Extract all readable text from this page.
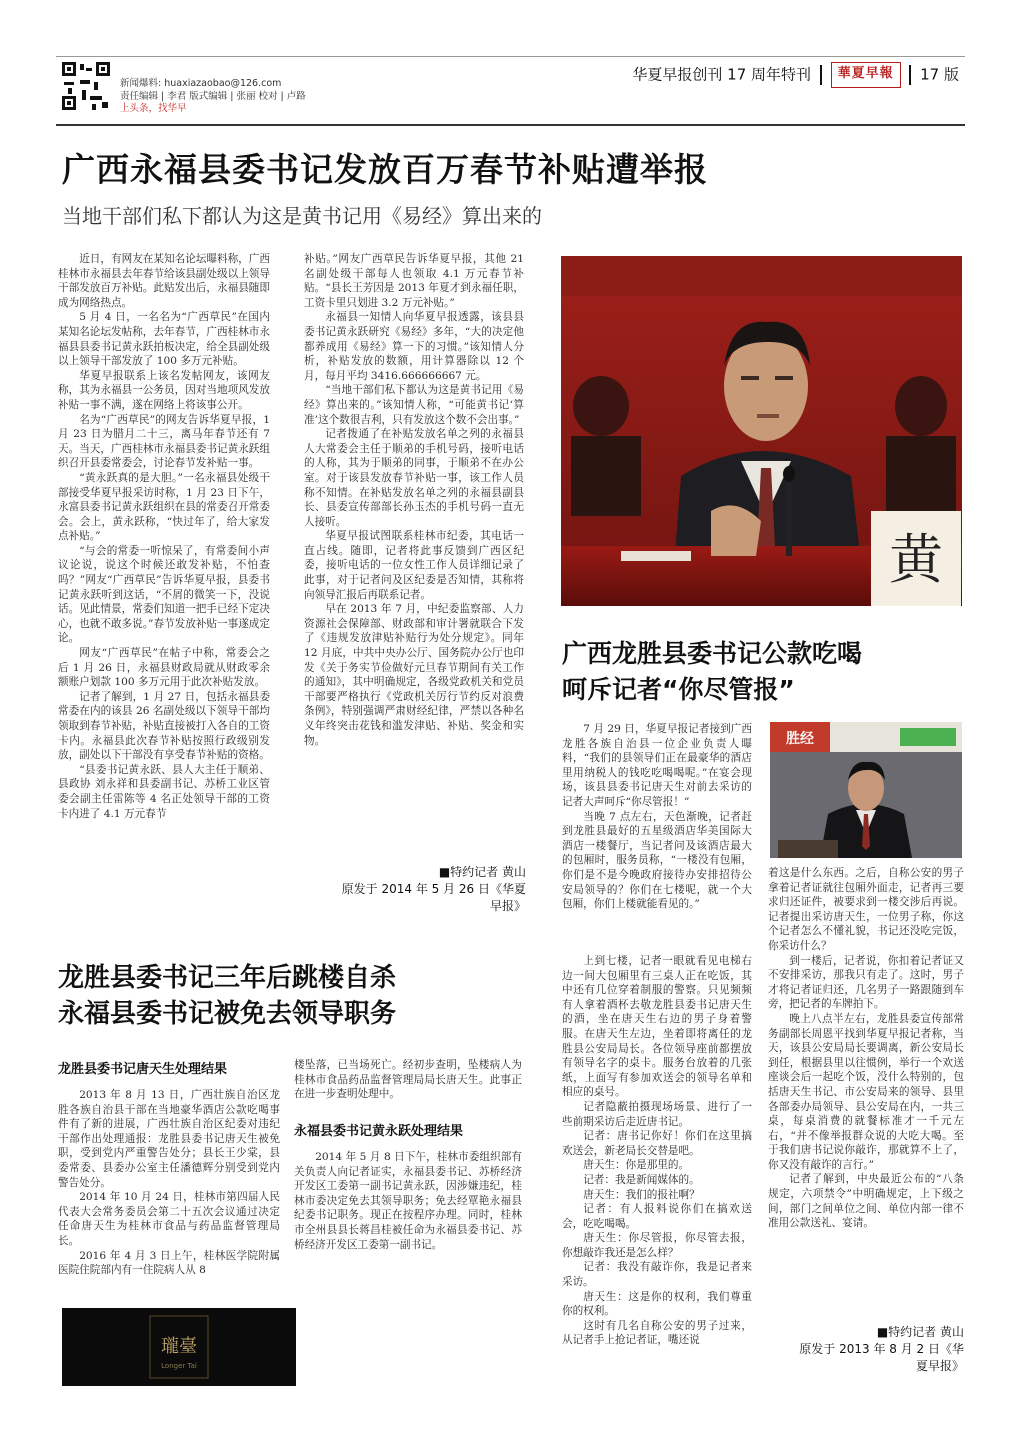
新闻爆料: huaxiazaobao@126.com
责任编辑 | 李君 版式编辑 | 张丽 校对 | 卢路
上头条，找华早
华夏早报创刊 17 周年特刊 華夏早報 17 版
广西永福县委书记发放百万春节补贴遭举报
当地干部们私下都认为这是黄书记用《易经》算出来的

近日，有网友在某知名论坛曝料称，广西桂林市永福县去年春节给该县副处级以上领导干部发放百万补贴。此贴发出后，永福县随即成为网络热点。

5 月 4 日，一名名为“广西草民”在国内某知名论坛发帖称，去年春节，广西桂林市永福县县委书记黄永跃拍板决定，给全县副处级以上领导干部发放了 100 多万元补贴。

华夏早报联系上该名发帖网友，该网友称，其为永福县一公务员，因对当地项风发放补贴一事不满，遂在网络上将该事公开。

名为“广西草民”的网友告诉华夏早报，1 月 23 日为腊月二十三，离马年春节还有 7 天。当天，广西桂林市永福县委书记黄永跃组织召开县委常委会，讨论春节发补贴一事。

“黄永跃真的是大胆。”一名永福县处级干部接受华夏早报采访时称，1 月 23 日下午，永富县委书记黄永跃组织在县的常委召开常委会。会上，黄永跃称，“快过年了，给大家发点补贴。”

“与会的常委一听惊呆了，有常委间小声议论说，说这个时候还敢发补贴，不怕查吗？”网友“广西草民”告诉华夏早报，县委书记黄永跃听到这话，“不屑的微笑一下，没说话。见此情景，常委们知道一把手已经下定决心，也就不敢多说。”春节发放补贴一事遂成定论。

网友“广西草民”在帖子中称，常委会之后 1 月 26 日，永福县财政局就从财政零余额账户划款 100 多万元用于此次补贴发放。

记者了解到，1 月 27 日，包括永福县委常委在内的该县 26 名副处级以下领导干部均领取到春节补贴，补贴直接被打入各自的工资卡内。永福县此次春节补贴按照行政级别发放，副处以下干部没有享受春节补贴的资格。

“县委书记黄永跃、县人大主任于顺弟、县政协 刘永祥和县委副书记、苏桥工业区管委会副主任雷陈等 4 名正处领导干部的工资卡内进了 4.1 万元春节

补贴。”网友广西草民告诉华夏早报，其他 21 名副处级干部每人也领取 4.1 万元春节补贴。“县长王芳因是 2013 年夏才到永福任职，工资卡里只划进 3.2 万元补贴。”

永福县一知情人向华夏早报透露，该县县委书记黄永跃研究《易经》多年，“大的决定他都养成用《易经》算一下的习惯。”该知情人分析，补贴发放的数额，用计算器除以 12 个月，每月平均 3416.666666667 元。

“当地干部们私下都认为这是黄书记用《易经》算出来的。”该知情人称，“可能黄书记‘算准’这个数很吉利，只有发放这个数不会出事。”

记者拨通了在补贴发放名单之列的永福县人大常委会主任于顺弟的手机号码，接听电话的人称，其为于顺弟的同事，于顺弟不在办公室。对于该县发放春节补贴一事，该工作人员称不知情。在补贴发放名单之列的永福县副县长、县委宣传部部长孙玉杰的手机号码一直无人接听。

华夏早报试图联系桂林市纪委，其电话一直占线。随即，记者将此事反馈到广西区纪委，接听电话的一位女性工作人员详细记录了此事，对于记者问及区纪委是否知情，其称将向领导汇报后再联系记者。

早在 2013 年 7 月，中纪委监察部、人力资源社会保障部、财政部和审计署就联合下发了《违规发放津贴补贴行为处分规定》。同年 12 月底，中共中央办公厅、国务院办公厅也印发《关于务实节俭做好元旦春节期间有关工作的通知》，其中明确规定，各级党政机关和党员干部要严格执行《党政机关厉行节约反对浪费条例》，特别强调严肃财经纪律，严禁以各种名义年终突击花钱和滥发津贴、补贴、奖金和实物。

■特约记者 黄山
原发于 2014 年 5 月 26 日《华夏
早报》
黄
广西龙胜县委书记公款吃喝
呵斥记者“你尽管报”

7 月 29 日，华夏早报记者接到广西龙胜各族自治县一位企业负责人曝料，“我们的县领导们正在最豪华的酒店里用纳税人的钱吃吃喝喝呢。”在宴会现场，该县县委书记唐天生对前去采访的记者大声呵斥“你尽管报！”

当晚 7 点左右，天色渐晚，记者赶到龙胜县最好的五星级酒店华美国际大酒店一楼餐厅，当记者问及该酒店最大的包厢时，服务员称，“一楼没有包厢，你们是不是今晚政府接待办安排招待公安局领导的？你们在七楼呢，就一个大包厢，你们上楼就能看见的。”

胜经

上到七楼，记者一眼就看见电梯右边一间大包厢里有三桌人正在吃饭，其中还有几位穿着制服的警察。只见频频有人拿着酒杯去敬龙胜县委书记唐天生的酒，坐在唐天生右边的男子身着警服。在唐天生左边，坐着即将离任的龙胜县公安局局长。各位领导座前都摆放有领导名字的桌卡。服务台放着的几张纸，上面写有参加欢送会的领导名单和相应的桌号。

记者隐蔽拍摄现场场景、进行了一些前期采访后走近唐书记。

记者：唐书记你好！你们在这里搞欢送会，新老局长交替是吧。

唐天生：你是那里的。

记者：我是新闻媒体的。

唐天生：我们的报社啊？

记者：有人报料说你们在搞欢送会，吃吃喝喝。

唐天生：你尽管报，你尽管去报，你想敲诈我还是怎么样？

记者：我没有敲诈你，我是记者来采访。

唐天生：这是你的权利，我们尊重你的权利。

这时有几名自称公安的男子过来，从记者手上抢记者证，嘴还说

着这是什么东西。之后，自称公安的男子拿着记者证就往包厢外面走，记者再三要求归还证件，被要求到一楼交涉后再说。记者提出采访唐天生，一位男子称，你这个记者怎么不懂礼貌，书记还没吃完饭，你采访什么？

到一楼后，记者说，你扣着记者证又不安排采访，那我只有走了。这时，男子才将记者证归还，几名男子一路跟随到车旁，把记者的车牌拍下。

晚上八点半左右，龙胜县委宣传部常务副部长周恩平找到华夏早报记者称，当天，该县公安局局长要调离，新公安局长到任，根据县里以往惯例，举行一个欢送座谈会后一起吃个饭，没什么特别的，包括唐天生书记、市公安局来的领导、县里各部委办局领导、县公安局在内，一共三桌，每桌消费的就餐标准才一千元左右，“并不像举报群众说的大吃大喝。至于我们唐书记说你敲诈，那就算不上了，你又没有敲诈的言行。”

记者了解到，中央最近公布的“八条规定，六项禁令”中明确规定，上下级之间，部门之间单位之间、单位内部一律不准用公款送礼、宴请。

■特约记者 黄山
原发于 2013 年 8 月 2 日《华
夏早报》
龙胜县委书记三年后跳楼自杀
永福县委书记被免去领导职务
龙胜县委书记唐天生处理结果

2013 年 8 月 13 日，广西壮族自治区龙胜各族自治县干部在当地豪华酒店公款吃喝事件有了新的进展，广西壮族自治区纪委对违纪干部作出处理通报：龙胜县委书记唐天生被免职，受到党内严重警告处分；县长王少棠，县委常委、县委办公室主任潘德辉分别受到党内警告处分。

2014 年 10 月 24 日，桂林市第四届人民代表大会常务委员会第二十五次会议通过决定任命唐天生为桂林市食品与药品监督管理局长。

2016 年 4 月 3 日上午，桂林医学院附属医院住院部内有一住院病人从 8

楼坠落，已当场死亡。经初步查明，坠楼病人为桂林市食品药品监督管理局局长唐天生。此事正在进一步查明处理中。

永福县委书记黄永跃处理结果

2014 年 5 月 8 日下午，桂林市委组织部有关负责人向记者证实，永福县委书记、苏桥经济开发区工委第一副书记黄永跃，因涉嫌违纪，桂林市委决定免去其领导职务；免去经覃艳永福县纪委书记职务。现正在按程序办理。同时，桂林市全州县县长蒋昌桂被任命为永福县委书记、苏桥经济开发区工委第一副书记。

瓏臺
Longer Tai
